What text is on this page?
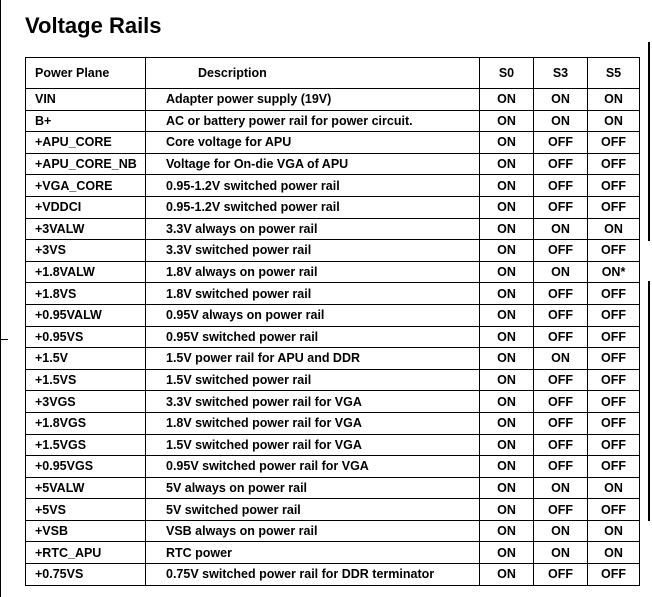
Voltage Rails
Power Plane	Description	S0	S3	S5
VIN	Adapter power supply (19V)	ON	ON	ON
B+	AC or battery power rail for power circuit.	ON	ON	ON
+APU_CORE	Core voltage for APU	ON	OFF	OFF
+APU_CORE_NB	Voltage for On-die VGA of APU	ON	OFF	OFF
+VGA_CORE	0.95-1.2V switched power rail	ON	OFF	OFF
+VDDCI	0.95-1.2V switched power rail	ON	OFF	OFF
+3VALW	3.3V always on power rail	ON	ON	ON
+3VS	3.3V switched power rail	ON	OFF	OFF
+1.8VALW	1.8V always on power rail	ON	ON	ON*
+1.8VS	1.8V switched power rail	ON	OFF	OFF
+0.95VALW	0.95V always on power rail	ON	OFF	OFF
+0.95VS	0.95V switched power rail	ON	OFF	OFF
+1.5V	1.5V power rail for APU and DDR	ON	ON	OFF
+1.5VS	1.5V switched power rail	ON	OFF	OFF
+3VGS	3.3V switched power rail for VGA	ON	OFF	OFF
+1.8VGS	1.8V switched power rail for VGA	ON	OFF	OFF
+1.5VGS	1.5V switched power rail for VGA	ON	OFF	OFF
+0.95VGS	0.95V switched power rail for VGA	ON	OFF	OFF
+5VALW	5V always on power rail	ON	ON	ON
+5VS	5V switched power rail	ON	OFF	OFF
+VSB	VSB always on power rail	ON	ON	ON
+RTC_APU	RTC power	ON	ON	ON
+0.75VS	0.75V switched power rail for DDR terminator	ON	OFF	OFF
